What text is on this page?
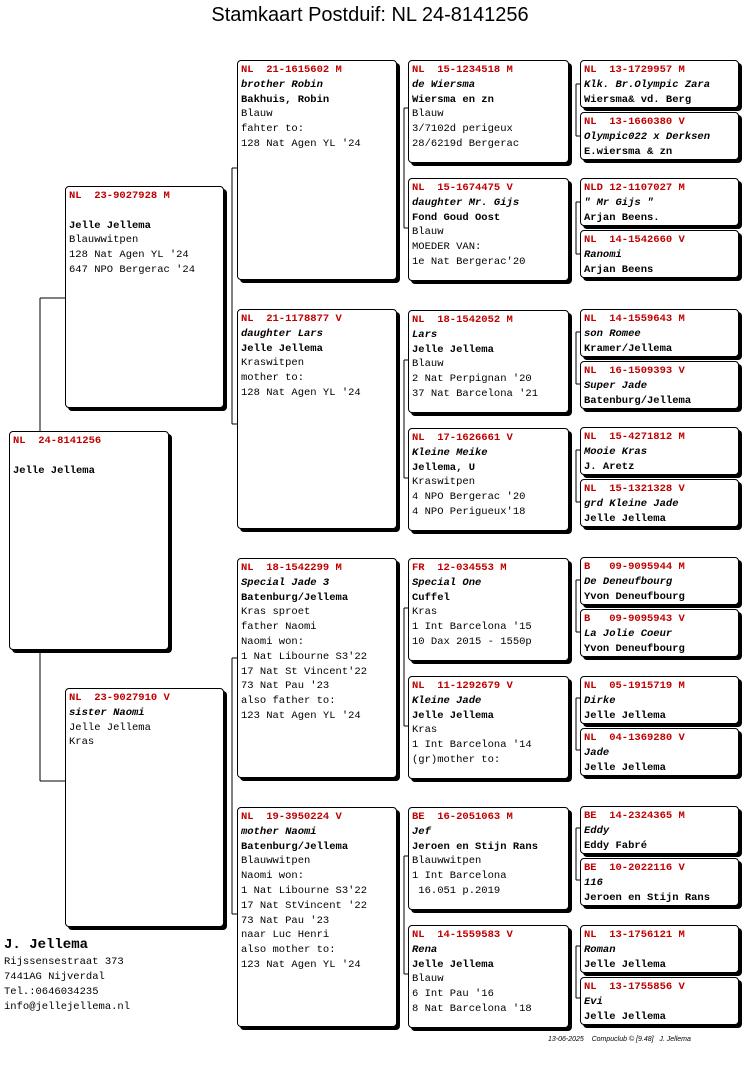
Stamkaart Postduif: NL 24-8141256
NL  24-8141256
Jelle Jellema
NL  23-9027928 M
Jelle Jellema
Blauwwitpen
128 Nat Agen YL '24
647 NPO Bergerac '24
NL  23-9027910 V
sister Naomi
Jelle Jellema
Kras
NL  21-1615602 M
brother Robin
Bakhuis, Robin
Blauw
fahter to:
128 Nat Agen YL '24
NL  21-1178877 V
daughter Lars
Jelle Jellema
Kraswitpen
mother to:
128 Nat Agen YL '24
NL  18-1542299 M
Special Jade 3
Batenburg/Jellema
Kras sproet
father Naomi
Naomi won:
1 Nat Libourne S3'22
17 Nat St Vincent'22
73 Nat Pau '23
also father to:
123 Nat Agen YL '24
NL  19-3950224 V
mother Naomi
Batenburg/Jellema
Blauwwitpen
Naomi won:
1 Nat Libourne S3'22
17 Nat StVincent '22
73 Nat Pau '23
naar Luc Henri
also mother to:
123 Nat Agen YL '24
NL  15-1234518 M
de Wiersma
Wiersma en zn
Blauw
3/7102d perigeux
28/6219d Bergerac
NL  15-1674475 V
daughter Mr. Gijs
Fond Goud Oost
Blauw
MOEDER VAN:
1e Nat Bergerac'20
NL  18-1542052 M
Lars
Jelle Jellema
Blauw
2 Nat Perpignan '20
37 Nat Barcelona '21
NL  17-1626661 V
Kleine Meike
Jellema, U
Kraswitpen
4 NPO Bergerac '20
4 NPO Perigueux'18
FR  12-034553 M
Special One
Cuffel
Kras
1 Int Barcelona '15
10 Dax 2015 - 1550p
NL  11-1292679 V
Kleine Jade
Jelle Jellema
Kras
1 Int Barcelona '14
(gr)mother to:
BE  16-2051063 M
Jef
Jeroen en Stijn Rans
Blauwwitpen
1 Int Barcelona
16.051 p.2019
NL  14-1559583 V
Rena
Jelle Jellema
Blauw
6 Int Pau '16
8 Nat Barcelona '18
NL  13-1729957 M
Klk. Br.Olympic Zara
Wiersma& vd. Berg
NL  13-1660380 V
Olympic022 x Derksen
E.wiersma & zn
NLD 12-1107027 M
" Mr Gijs "
Arjan Beens.
NL  14-1542660 V
Ranomi
Arjan Beens
NL  14-1559643 M
son Romee
Kramer/Jellema
NL  16-1509393 V
Super Jade
Batenburg/Jellema
NL  15-4271812 M
Mooie Kras
J. Aretz
NL  15-1321328 V
grd Kleine Jade
Jelle Jellema
B   09-9095944 M
De Deneufbourg
Yvon Deneufbourg
B   09-9095943 V
La Jolie Coeur
Yvon Deneufbourg
NL  05-1915719 M
Dirke
Jelle Jellema
NL  04-1369280 V
Jade
Jelle Jellema
BE  14-2324365 M
Eddy
Eddy Fabré
BE  10-2022116 V
116
Jeroen en Stijn Rans
NL  13-1756121 M
Roman
Jelle Jellema
NL  13-1755856 V
Evi
Jelle Jellema
J. Jellema
Rijssensestraat 373
7441AG Nijverdal
Tel.:0646034235
info@jellejellema.nl
13-06-2025    Compuclub © [9.48]   J. Jellema
